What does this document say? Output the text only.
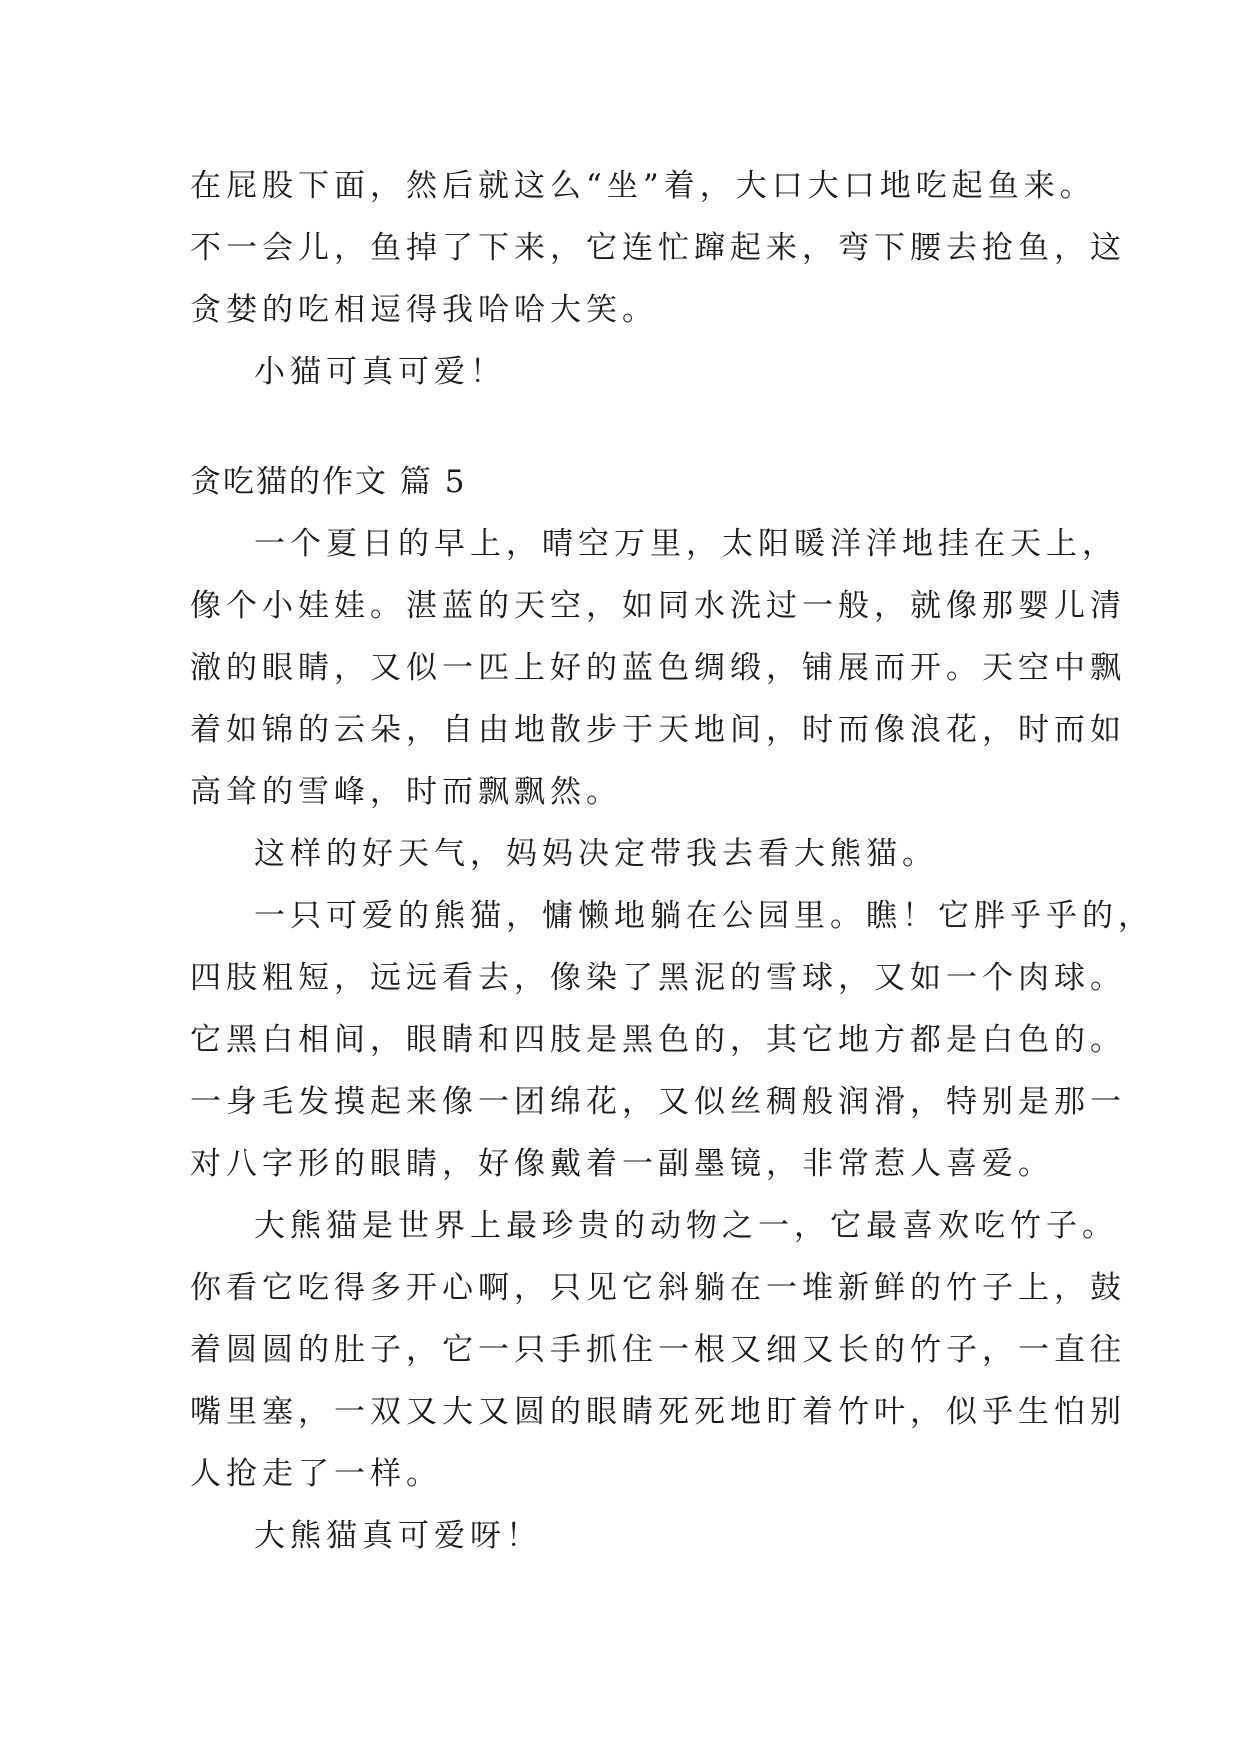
在屁股下面，然后就这么“坐”着，大口大口地吃起鱼来。
不一会儿，鱼掉了下来，它连忙蹿起来，弯下腰去抢鱼，这
贪婪的吃相逗得我哈哈大笑。
小猫可真可爱！
贪吃猫的作文 篇 5
一个夏日的早上，晴空万里，太阳暖洋洋地挂在天上，
像个小娃娃。湛蓝的天空，如同水洗过一般，就像那婴儿清
澈的眼睛，又似一匹上好的蓝色绸缎，铺展而开。天空中飘
着如锦的云朵，自由地散步于天地间，时而像浪花，时而如
高耸的雪峰，时而飘飘然。
这样的好天气，妈妈决定带我去看大熊猫。
一只可爱的熊猫，慵懒地躺在公园里。瞧！它胖乎乎的，
四肢粗短，远远看去，像染了黑泥的雪球，又如一个肉球。
它黑白相间，眼睛和四肢是黑色的，其它地方都是白色的。
一身毛发摸起来像一团绵花，又似丝稠般润滑，特别是那一
对八字形的眼睛，好像戴着一副墨镜，非常惹人喜爱。
大熊猫是世界上最珍贵的动物之一，它最喜欢吃竹子。
你看它吃得多开心啊，只见它斜躺在一堆新鲜的竹子上，鼓
着圆圆的肚子，它一只手抓住一根又细又长的竹子，一直往
嘴里塞，一双又大又圆的眼睛死死地盯着竹叶，似乎生怕别
人抢走了一样。
大熊猫真可爱呀！
